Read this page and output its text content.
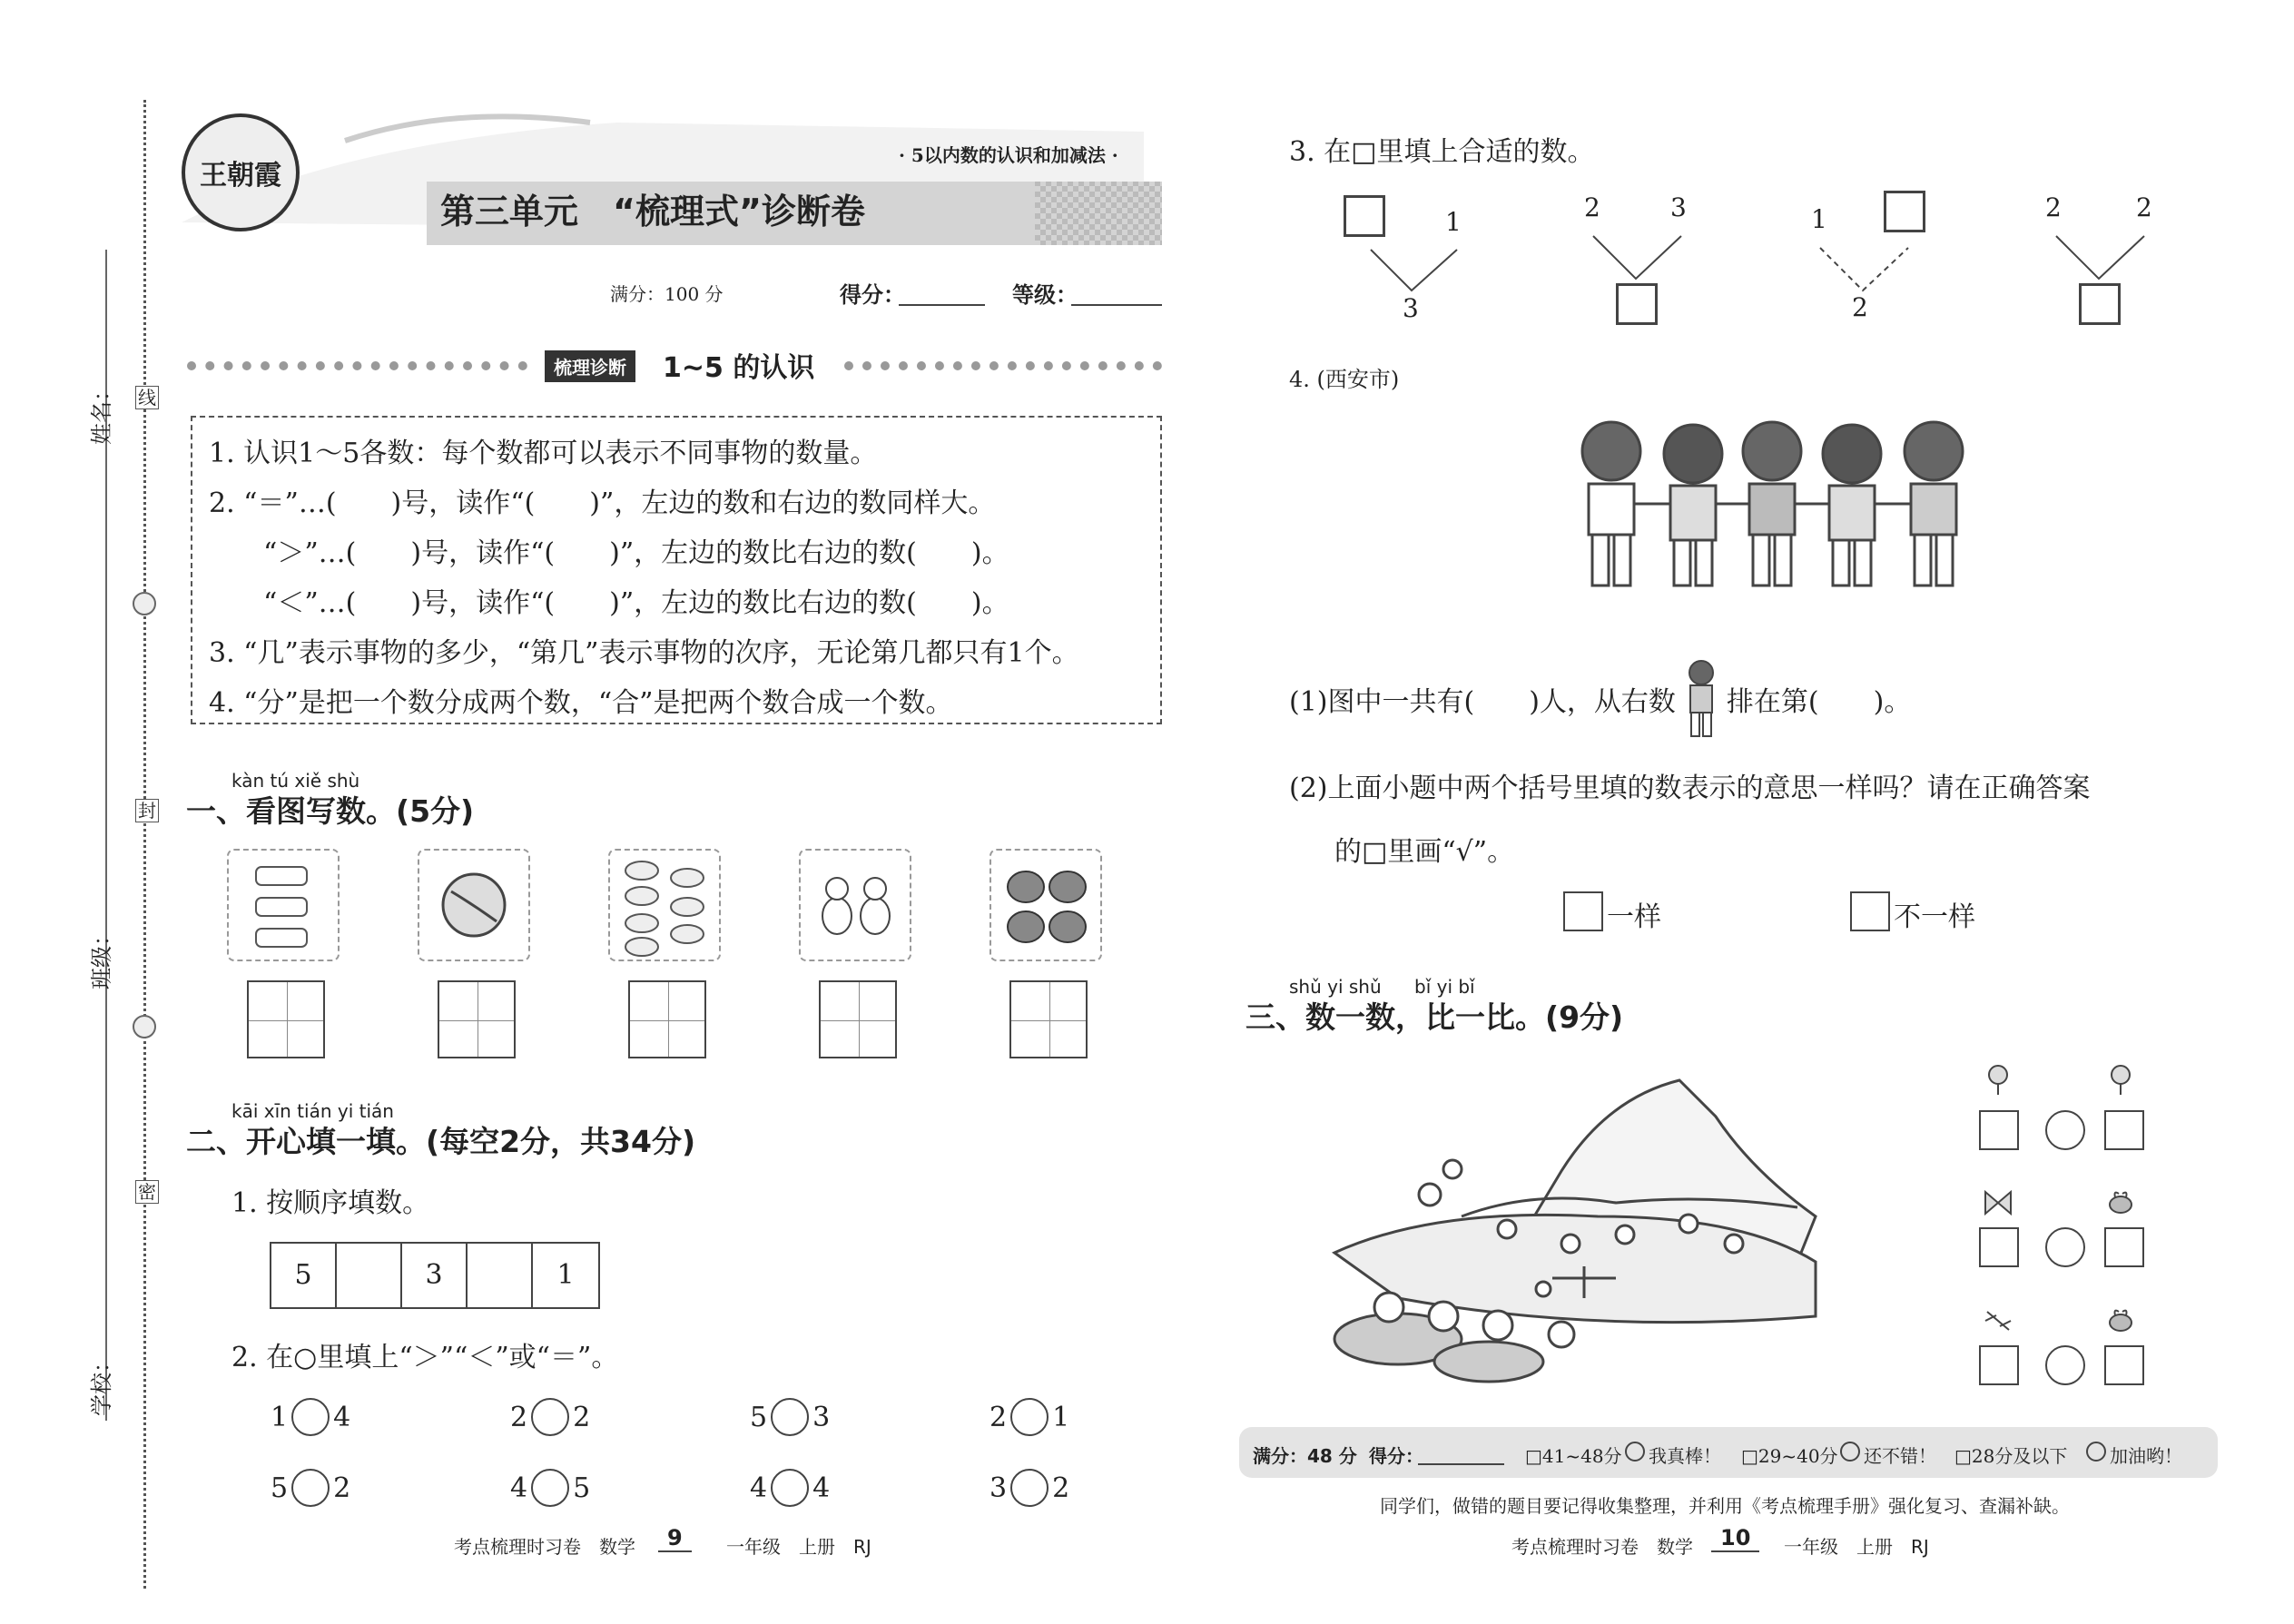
姓名：
班级：
学校：
线
封
密
王朝霞
· 5以内数的认识和加减法 ·
第三单元　 “梳理式”诊断卷
满分：100 分	得分：	等级：
梳理诊断	1~5 的认识
1. 认识1～5各数：每个数都可以表示不同事物的数量。
2. “＝”…(　　)号，读作“(　　)”，左边的数和右边的数同样大。
　“＞”…(　　)号，读作“(　　)”，左边的数比右边的数(　　)。
　“＜”…(　　)号，读作“(　　)”，左边的数比右边的数(　　)。
3. “几”表示事物的多少，“第几”表示事物的次序，无论第几都只有1个。
4. “分”是把一个数分成两个数，“合”是把两个数合成一个数。
kàn tú xiě shù
一、看图写数。(5分)
kāi xīn tián yi tián
二、开心填一填。(每空2分，共34分)
1. 按顺序填数。
5	3	1
2. 在○里填上“＞”“＜”或“＝”。
1 4	2 2	5 3	2 1
5 2	4 5	4 4	3 2
考点梳理时习卷　数学	9	一年级　上册　RJ
3. 在□里填上合适的数。
1
3
2	3	1
2
2	2
4. (西安市)
(1)图中一共有(　　)人，从右数 排在第(　　)。
(2)上面小题中两个括号里填的数表示的意思一样吗？请在正确答案
的□里画“√”。
一样	不一样
shǔ yi shǔ bǐ yi bǐ
三、数一数，比一比。(9分)
满分：48 分 得分：	□41~48分 我真棒！ □29~40分 还不错！ □28分及以下 加油哟！
同学们，做错的题目要记得收集整理，并利用《考点梳理手册》强化复习、查漏补缺。
考点梳理时习卷　数学	10	一年级　上册　RJ
